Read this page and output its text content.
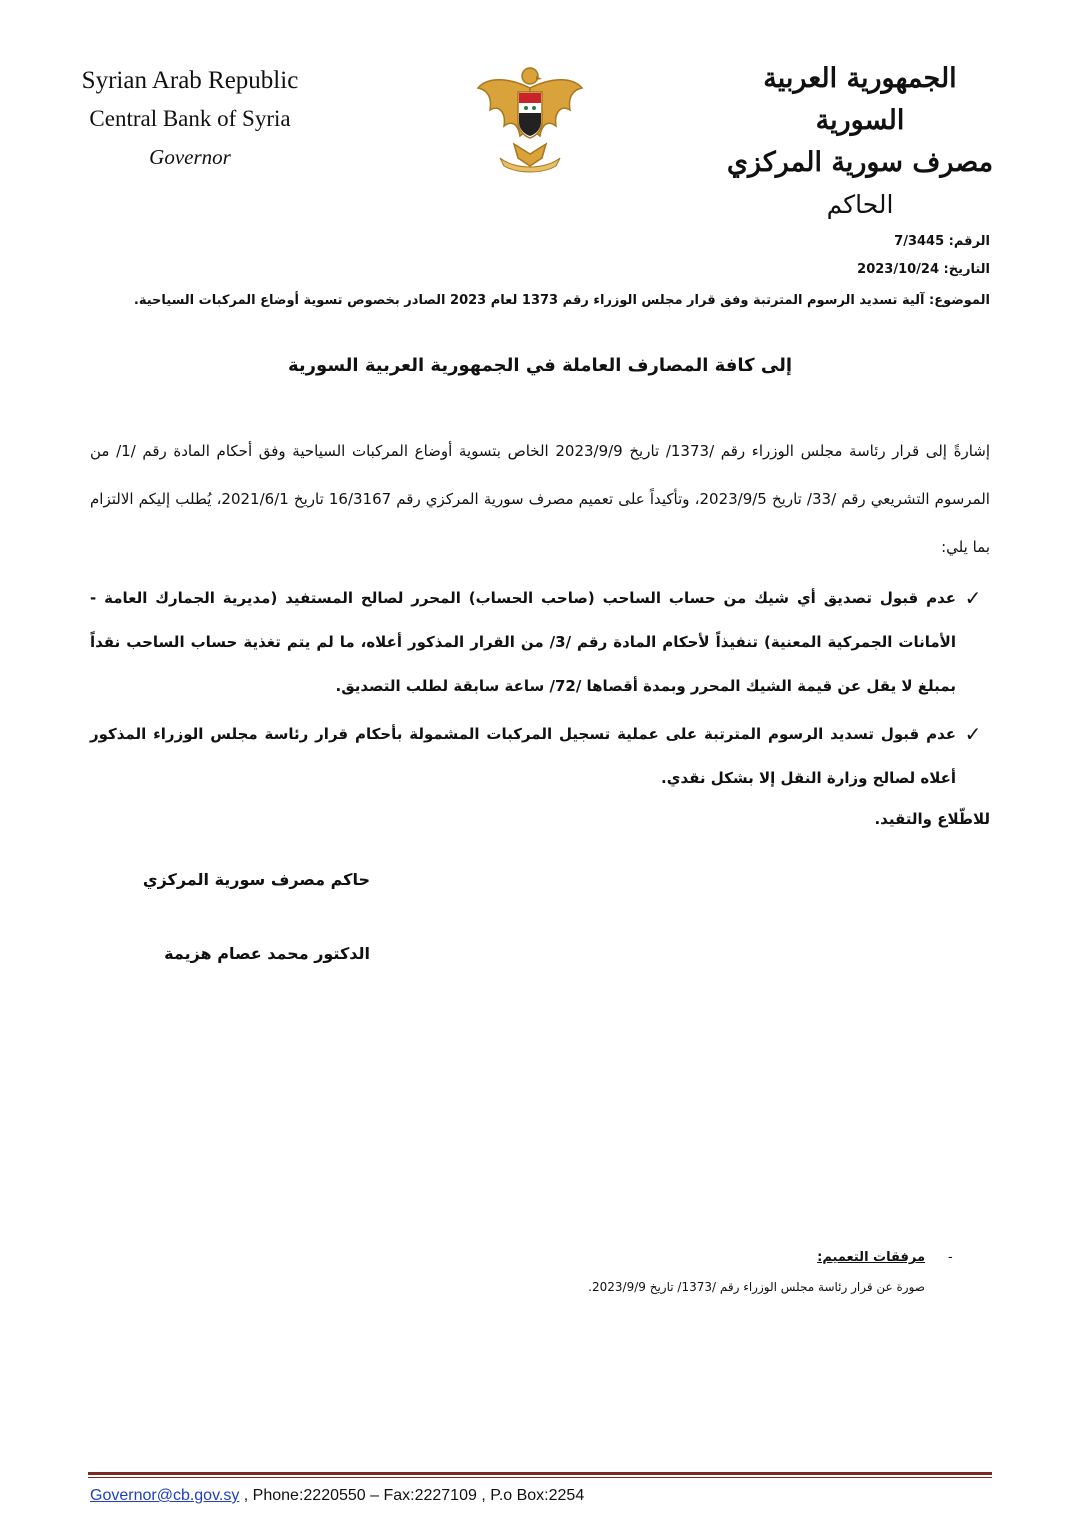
Syrian Arab Republic
Central Bank of Syria
Governor
الجمهورية العربية السورية
مصرف سورية المركزي
الحاكم
الرقم: 7/3445
التاريخ: 2023/10/24
الموضوع: آلية تسديد الرسوم المترتبة وفق قرار مجلس الوزراء رقم 1373 لعام 2023 الصادر بخصوص تسوية أوضاع المركبات السياحية.
إلى كافة المصارف العاملة في الجمهورية العربية السورية
إشارةً إلى قرار رئاسة مجلس الوزراء رقم /1373/ تاريخ 2023/9/9 الخاص بتسوية أوضاع المركبات السياحية وفق أحكام المادة رقم /1/ من المرسوم التشريعي رقم /33/ تاريخ 2023/9/5، وتأكيداً على تعميم مصرف سورية المركزي رقم 16/3167 تاريخ 2021/6/1، يُطلب إليكم الالتزام بما يلي:
✓
عدم قبول تصديق أي شيك من حساب الساحب (صاحب الحساب) المحرر لصالح المستفيد (مديرية الجمارك العامة - الأمانات الجمركية المعنية) تنفيذاً لأحكام المادة رقم /3/ من القرار المذكور أعلاه، ما لم يتم تغذية حساب الساحب نقداً بمبلغ لا يقل عن قيمة الشيك المحرر وبمدة أقصاها /72/ ساعة سابقة لطلب التصديق.
✓
عدم قبول تسديد الرسوم المترتبة على عملية تسجيل المركبات المشمولة بأحكام قرار رئاسة مجلس الوزراء المذكور أعلاه لصالح وزارة النقل إلا بشكل نقدي.
للاطّلاع والتقيد.
حاكم مصرف سورية المركزي
الدكتور محمد عصام هزيمة
-
مرفقات التعميم:
صورة عن قرار رئاسة مجلس الوزراء رقم /1373/ تاريخ 2023/9/9.
Governor@cb.gov.sy , Phone:2220550 – Fax:2227109 , P.o Box:2254
